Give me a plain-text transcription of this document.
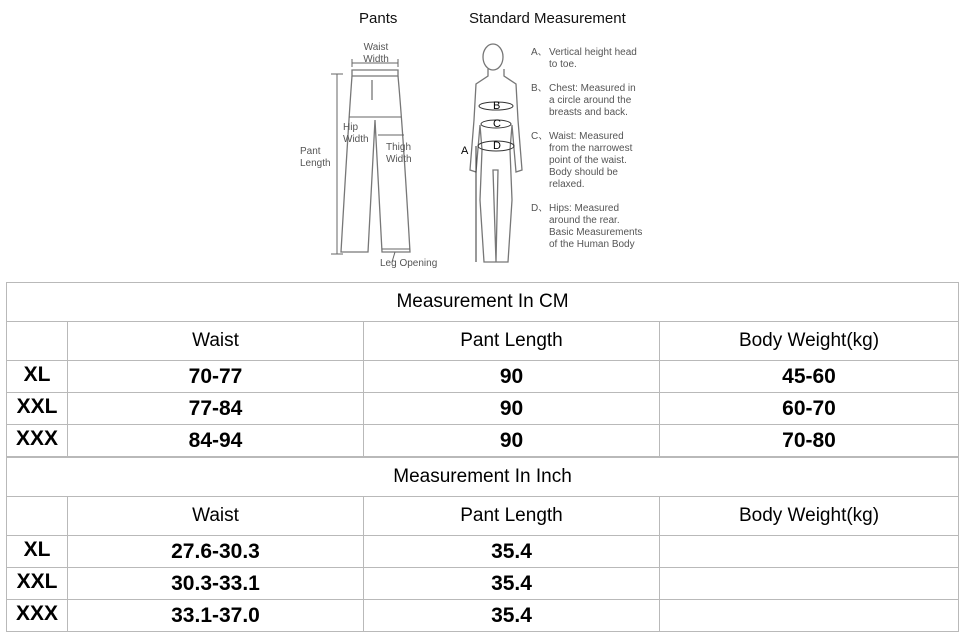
Pants	Standard Measurement
Waist
Width
Hip
Width
Thigh
Width
Pant
Length
Leg Opening
A
B
C
D
A、 Vertical height head
to toe.
B、 Chest: Measured in
a circle around the
breasts and back.
C、 Waist: Measured
from the narrowest
point of the waist.
Body should be
relaxed.
D、 Hips: Measured
around the rear.
Basic Measurements
of the Human Body
Measurement In CM			
	Waist	Pant Length	Body Weight(kg)
XL	70-77	90	45-60
XXL	77-84	90	60-70
XXX	84-94	90	70-80
Measurement In Inch			
	Waist	Pant Length	Body Weight(kg)
XL	27.6-30.3	35.4	
XXL	30.3-33.1	35.4	
XXX	33.1-37.0	35.4	
